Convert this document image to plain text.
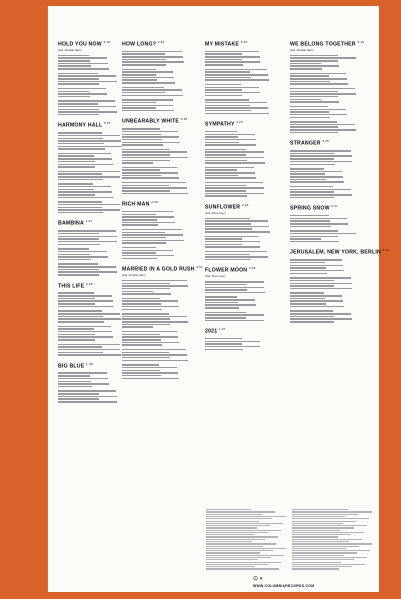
HOLD YOU NOW $^{3:19}$
(feat. Danielle Haim)
HARMONY HALL $^{5:07}$
BAMBINA $^{1:43}$
THIS LIFE $^{4:28}$
BIG BLUE $^{1:48}$
HOW LONG? $^{3:42}$
UNBEARABLY WHITE $^{4:46}$
RICH MAN $^{2:30}$
MARRIED IN A GOLD RUSH $^{3:51}$
(feat. Danielle Haim)
MY MISTAKE $^{3:10}$
SYMPATHY $^{3:25}$
SUNFLOWER $^{2:18}$
(feat. Steve Lacy)
FLOWER MOON $^{3:46}$
(feat. Steve Lacy)
2021 $^{1:37}$
WE BELONG TOGETHER $^{3:10}$
(feat. Danielle Haim)
STRANGER $^{3:25}$
SPRING SNOW $^{2:21}$
JERUSALEM, NEW YORK, BERLIN $^{3:14}$
⊙ ◐
WWW.COLUMBIARECORDS.COM
